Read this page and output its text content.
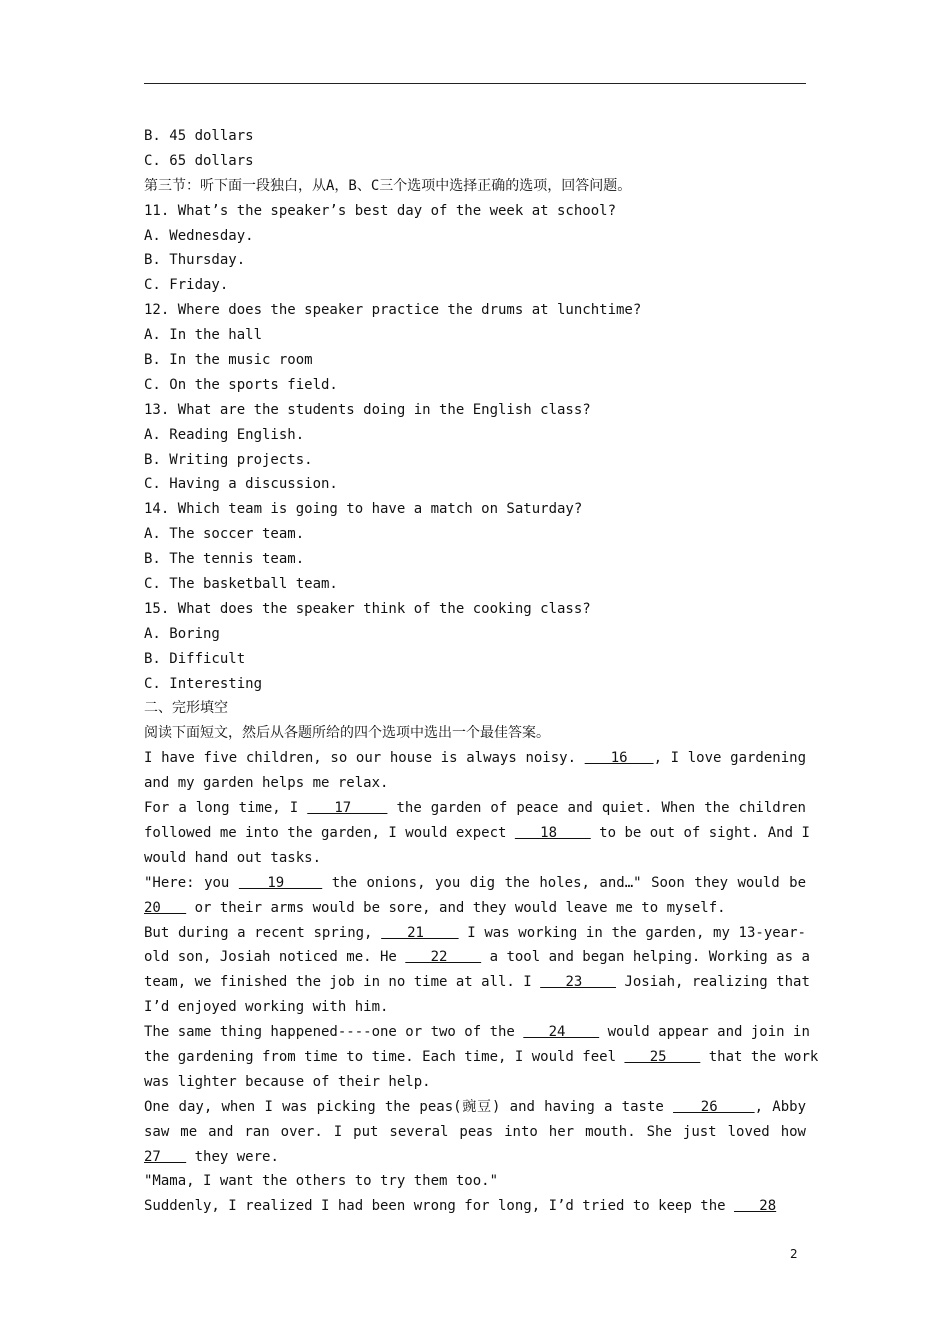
B. 45 dollars
C. 65 dollars
第三节：听下面一段独白，从A，B、C三个选项中选择正确的选项，回答问题。
11. What’s the speaker’s best day of the week at school?
A. Wednesday.
B. Thursday.
C. Friday.
12. Where does the speaker practice the drums at lunchtime?
A. In the hall
B. In the music room
C. On the sports field.
13. What are the students doing in the English class?
A. Reading English.
B. Writing projects.
C. Having a discussion.
14. Which team is going to have a match on Saturday?
A. The soccer team.
B. The tennis team.
C. The basketball team.
15. What does the speaker think of the cooking class?
A. Boring
B. Difficult
C. Interesting
二、完形填空
阅读下面短文，然后从各题所给的四个选项中选出一个最佳答案。
I have five children, so our house is always noisy.    16   , I love gardening
and my garden helps me relax.
For a long time, I    17     the garden of peace and quiet. When the children
followed me into the garden, I would expect    18     to be out of sight. And I
would hand out tasks.
"Here: you    19     the onions, you dig the holes, and…" Soon they would be
20    or their arms would be sore, and they would leave me to myself.
But during a recent spring,    21     I was working in the garden, my 13-year-
old son, Josiah noticed me. He    22     a tool and began helping. Working as a
team, we finished the job in no time at all. I    23     Josiah, realizing that
I’d enjoyed working with him.
The same thing happened----one or two of the    24     would appear and join in
the gardening from time to time. Each time, I would feel    25     that the work
was lighter because of their help.
One day, when I was picking the peas(豌豆) and having a taste    26    , Abby
saw me and ran over. I put several peas into her mouth. She just loved how
27    they were.
"Mama, I want the others to try them too."
Suddenly, I realized I had been wrong for long, I’d tried to keep the    28
2
